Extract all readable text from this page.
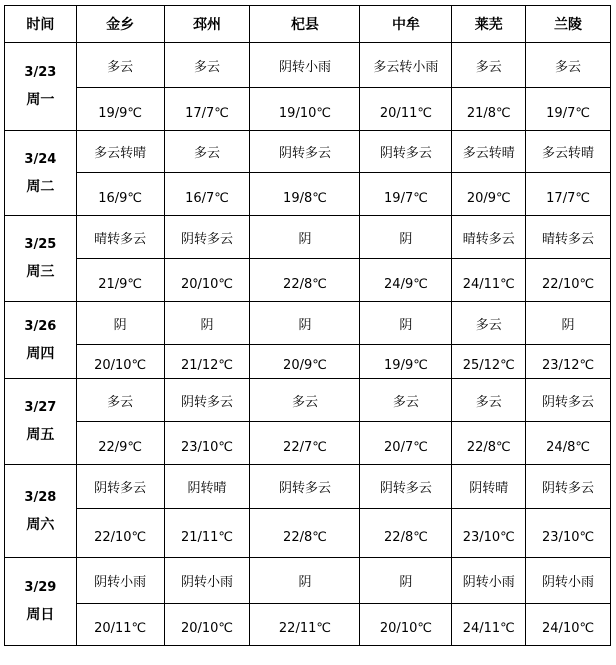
时间	金乡	邳州	杞县	中牟	莱芜	兰陵

3/23
周一	多云	多云	阴转小雨	多云转小雨	多云	多云
	19/9℃	17/7℃	19/10℃	20/11℃	21/8℃	19/7℃

3/24
周二	多云转晴	多云	阴转多云	阴转多云	多云转晴	多云转晴
	16/9℃	16/7℃	19/8℃	19/7℃	20/9℃	17/7℃

3/25
周三	晴转多云	阴转多云	阴	阴	晴转多云	晴转多云
	21/9℃	20/10℃	22/8℃	24/9℃	24/11℃	22/10℃

3/26
周四	阴	阴	阴	阴	多云	阴
	20/10℃	21/12℃	20/9℃	19/9℃	25/12℃	23/12℃

3/27
周五	多云	阴转多云	多云	多云	多云	阴转多云
	22/9℃	23/10℃	22/7℃	20/7℃	22/8℃	24/8℃

3/28
周六	阴转多云	阴转晴	阴转多云	阴转多云	阴转晴	阴转多云
	22/10℃	21/11℃	22/8℃	22/8℃	23/10℃	23/10℃

3/29
周日	阴转小雨	阴转小雨	阴	阴	阴转小雨	阴转小雨
	20/11℃	20/10℃	22/11℃	20/10℃	24/11℃	24/10℃
